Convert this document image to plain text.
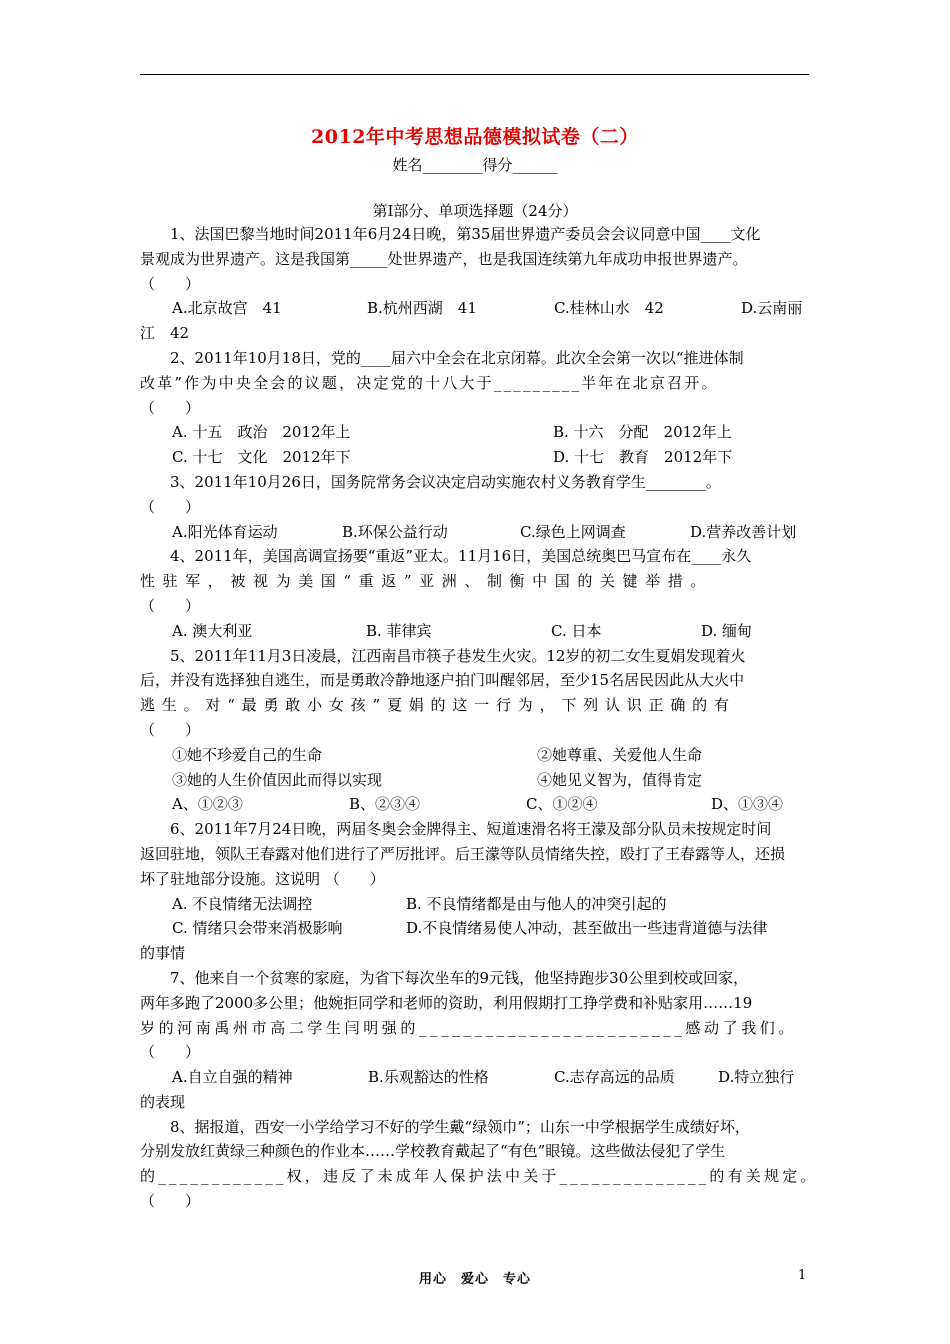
2012年中考思想品德模拟试卷（二）
姓名________得分______
第Ⅰ部分、单项选择题（24分）
1、法国巴黎当地时间2011年6月24日晚，第35届世界遗产委员会会议同意中国____文化
景观成为世界遗产。这是我国第_____处世界遗产，也是我国连续第九年成功申报世界遗产。
（　　）
A.北京故宫　41	B.杭州西湖　41	C.桂林山水　42	D.云南丽
江　42
2、2011年10月18日，党的____届六中全会在北京闭幕。此次全会第一次以“推进体制
改革”作为中央全会的议题，决定党的十八大于_________半年在北京召开。
（　　）
A. 十五　政治　2012年上	B. 十六　分配　2012年上
C. 十七　文化　2012年下	D. 十七　教育　2012年下
3、2011年10月26日，国务院常务会议决定启动实施农村义务教育学生________。
（　　）
A.阳光体育运动	B.环保公益行动	C.绿色上网调查	D.营养改善计划
4、2011年，美国高调宣扬要“重返”亚太。11月16日，美国总统奥巴马宣布在____永久
性驻军，被视为美国“重返”亚洲、制衡中国的关键举措。
（　　）
A. 澳大利亚	B. 菲律宾	C. 日本	D. 缅甸
5、2011年11月3日凌晨，江西南昌市筷子巷发生火灾。12岁的初二女生夏娟发现着火
后，并没有选择独自逃生，而是勇敢冷静地逐户拍门叫醒邻居，至少15名居民因此从大火中
逃生。对“最勇敢小女孩”夏娟的这一行为，下列认识正确的有
（　　）
①她不珍爱自己的生命	②她尊重、关爱他人生命
③她的人生价值因此而得以实现	④她见义智为，值得肯定
A、①②③	B、②③④	C、①②④	D、①③④
6、2011年7月24日晚，两届冬奥会金牌得主、短道速滑名将王濛及部分队员未按规定时间
返回驻地，领队王春露对他们进行了严厉批评。后王濛等队员情绪失控，殴打了王春露等人，还损
坏了驻地部分设施。这说明 （　　）
A. 不良情绪无法调控	B. 不良情绪都是由与他人的冲突引起的
C. 情绪只会带来消极影响	D.不良情绪易使人冲动，甚至做出一些违背道德与法律
的事情
7、他来自一个贫寒的家庭，为省下每次坐车的9元钱，他坚持跑步30公里到校或回家，
两年多跑了2000多公里；他婉拒同学和老师的资助，利用假期打工挣学费和补贴家用……19
岁的河南禹州市高二学生闫明强的________________________感动了我们。
（　　）
A.自立自强的精神	B.乐观豁达的性格	C.志存高远的品质	D.特立独行
的表现
8、据报道，西安一小学给学习不好的学生戴“绿领巾”；山东一中学根据学生成绩好坏，
分别发放红黄绿三种颜色的作业本……学校教育戴起了“有色”眼镜。这些做法侵犯了学生
的____________权，违反了未成年人保护法中关于______________的有关规定。
（　　）
用心　爱心　专心	1
